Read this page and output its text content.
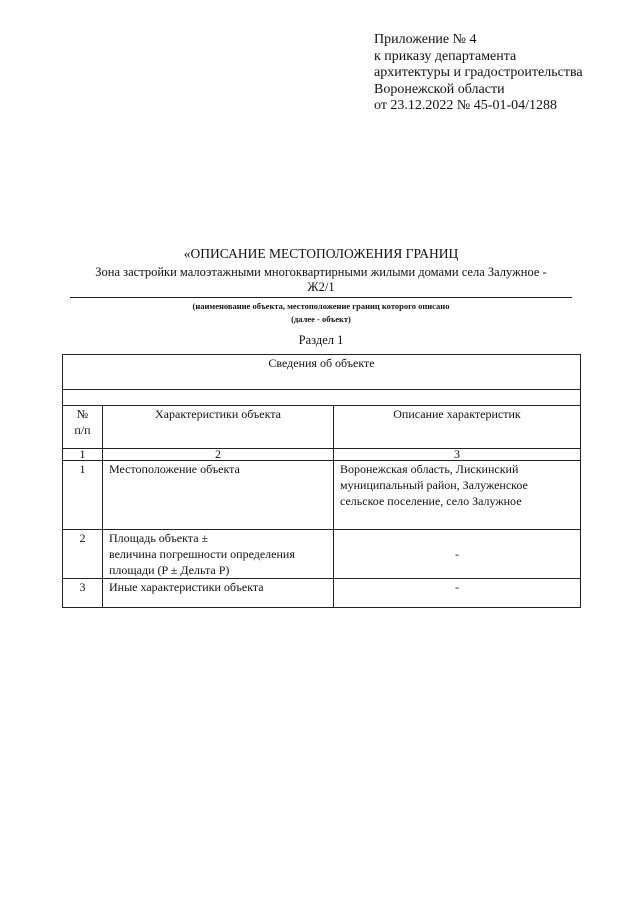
Приложение № 4
к приказу департамента
архитектуры и градостроительства
Воронежской области
от 23.12.2022 № 45-01-04/1288
«ОПИСАНИЕ МЕСТОПОЛОЖЕНИЯ ГРАНИЦ
Зона застройки малоэтажными многоквартирными жилыми домами села Залужное -
Ж2/1
(наименование объекта, местоположение границ которого описано
(далее - объект)
Раздел 1
Сведения об объекте		

№
п/п	Характеристики объекта	Описание характеристик
1	2	3
1	Местоположение объекта	Воронежская область, Лискинский
муниципальный район, Залуженское
сельское поселение, село Залужное

2	Площадь объекта ±
величина погрешности определения
площади (P ± Дельта P)	-

3	Иные характеристики объекта	-
